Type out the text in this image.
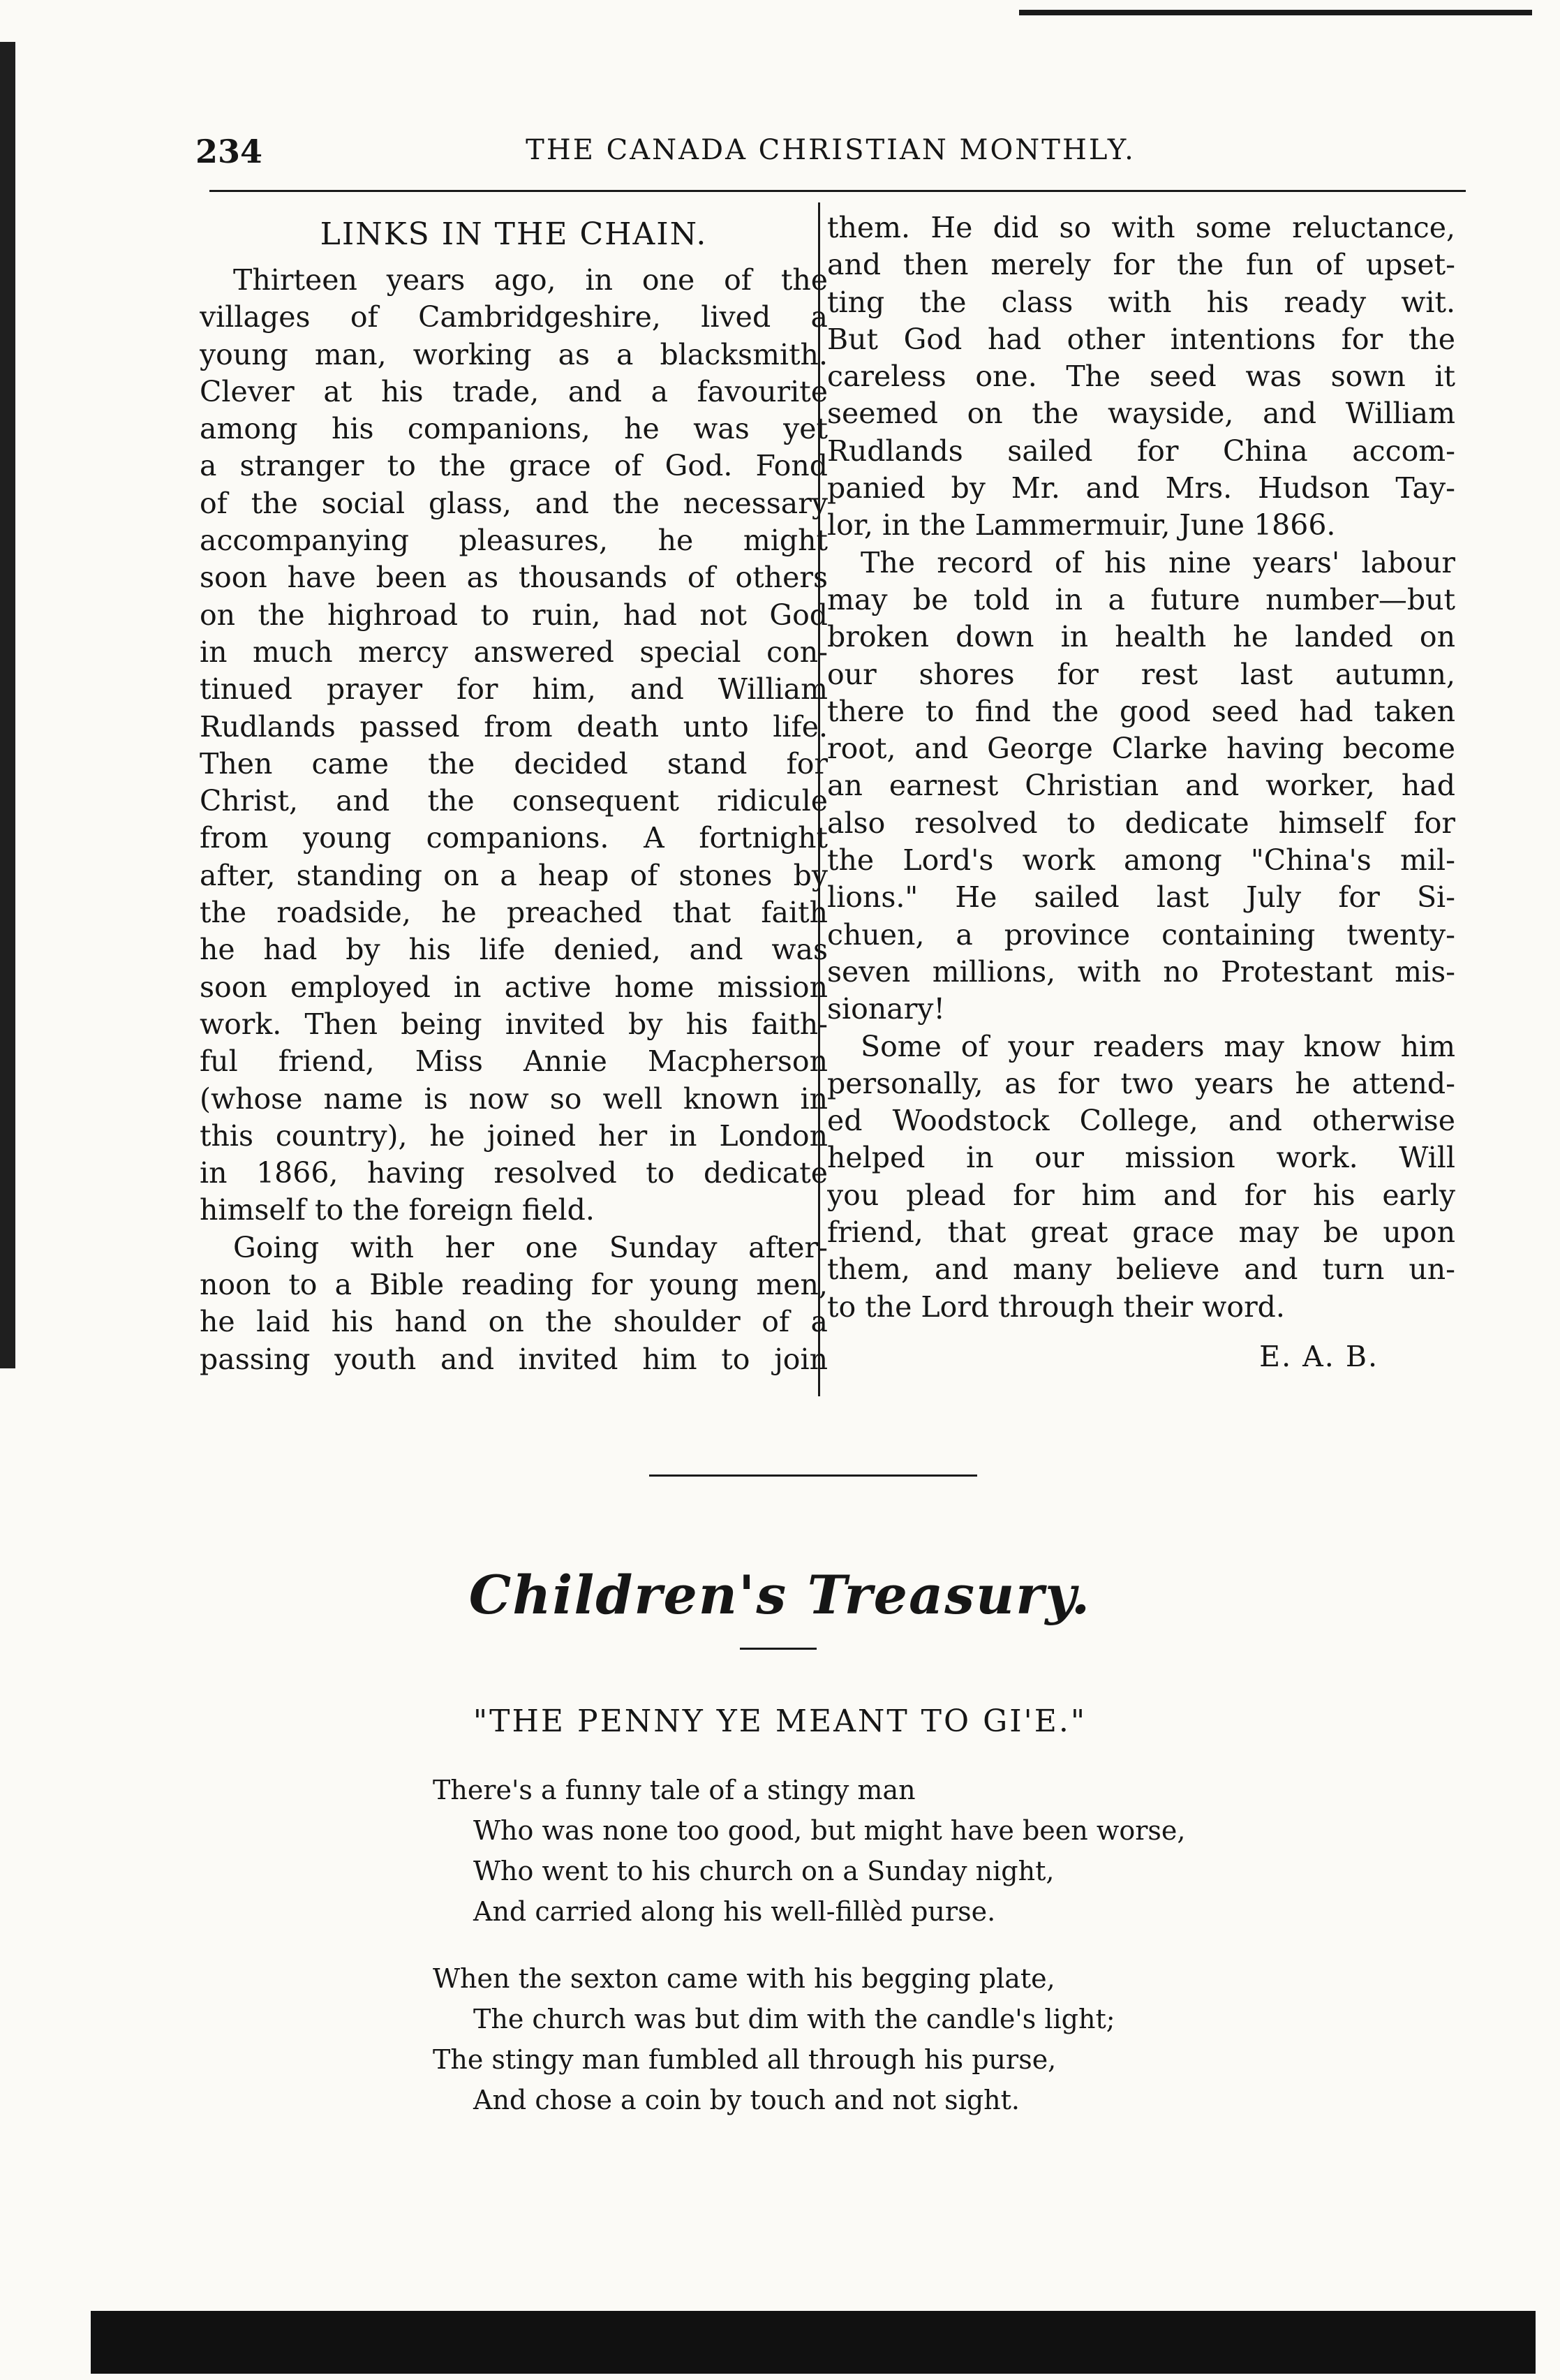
234	THE CANADA CHRISTIAN MONTHLY.
LINKS IN THE CHAIN.
Thirteen years ago, in one of the
villages of Cambridgeshire, lived a
young man, working as a blacksmith.
Clever at his trade, and a favourite
among his companions, he was yet
a stranger to the grace of God. Fond
of the social glass, and the necessary
accompanying pleasures, he might
soon have been as thousands of others
on the highroad to ruin, had not God
in much mercy answered special con-
tinued prayer for him, and William
Rudlands passed from death unto life.
Then came the decided stand for
Christ, and the consequent ridicule
from young companions. A fortnight
after, standing on a heap of stones by
the roadside, he preached that faith
he had by his life denied, and was
soon employed in active home mission
work. Then being invited by his faith-
ful friend, Miss Annie Macpherson
(whose name is now so well known in
this country), he joined her in London
in 1866, having resolved to dedicate
himself to the foreign field.
Going with her one Sunday after-
noon to a Bible reading for young men,
he laid his hand on the shoulder of a
passing youth and invited him to join
them. He did so with some reluctance,
and then merely for the fun of upset-
ting the class with his ready wit.
But God had other intentions for the
careless one. The seed was sown it
seemed on the wayside, and William
Rudlands sailed for China accom-
panied by Mr. and Mrs. Hudson Tay-
lor, in the Lammermuir, June 1866.
The record of his nine years' labour
may be told in a future number—but
broken down in health he landed on
our shores for rest last autumn,
there to find the good seed had taken
root, and George Clarke having become
an earnest Christian and worker, had
also resolved to dedicate himself for
the Lord's work among "China's mil-
lions." He sailed last July for Si-
chuen, a province containing twenty-
seven millions, with no Protestant mis-
sionary!
Some of your readers may know him
personally, as for two years he attend-
ed Woodstock College, and otherwise
helped in our mission work. Will
you plead for him and for his early
friend, that great grace may be upon
them, and many believe and turn un-
to the Lord through their word.
E. A. B.
Children's Treasury.
"THE PENNY YE MEANT TO GI'E."
There's a funny tale of a stingy man
Who was none too good, but might have been worse,
Who went to his church on a Sunday night,
And carried along his well-fillèd purse.
When the sexton came with his begging plate,
The church was but dim with the candle's light;
The stingy man fumbled all through his purse,
And chose a coin by touch and not sight.
